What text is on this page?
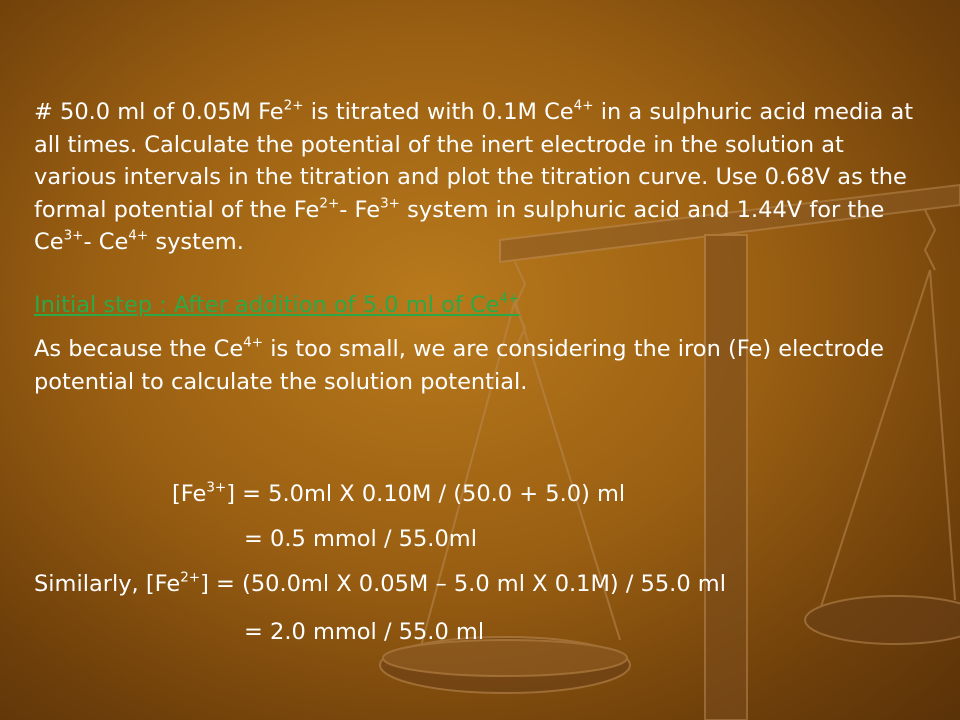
# 50.0 ml of 0.05M $Fe^{2+}$ is titrated with 0.1M $Ce^{4+}$ in a sulphuric acid media at all times. Calculate the potential of the inert electrode in the solution at various intervals in the titration and plot the titration curve. Use 0.68V as the formal potential of the $Fe^{2+}-$ $Fe^{3+}$ system in sulphuric acid and 1.44V for the $Ce^{3+}-$ $Ce^{4+}$ system.

Initial step : After addition of 5.0 ml of $Ce^{4+}$

As because the $Ce^{4+}$ is too small, we are considering the iron (Fe) electrode potential to calculate the solution potential.

$[Fe^{3+}] = 5.0ml$ X 0.10M / (50.0 + 5.0) ml
= 0.5 mmol / 55.0ml
Similarly, $[Fe^{2+}] = (50.0ml$ X 0.05M – 5.0 ml X 0.1M) / 55.0 ml
= 2.0 mmol / 55.0 ml
